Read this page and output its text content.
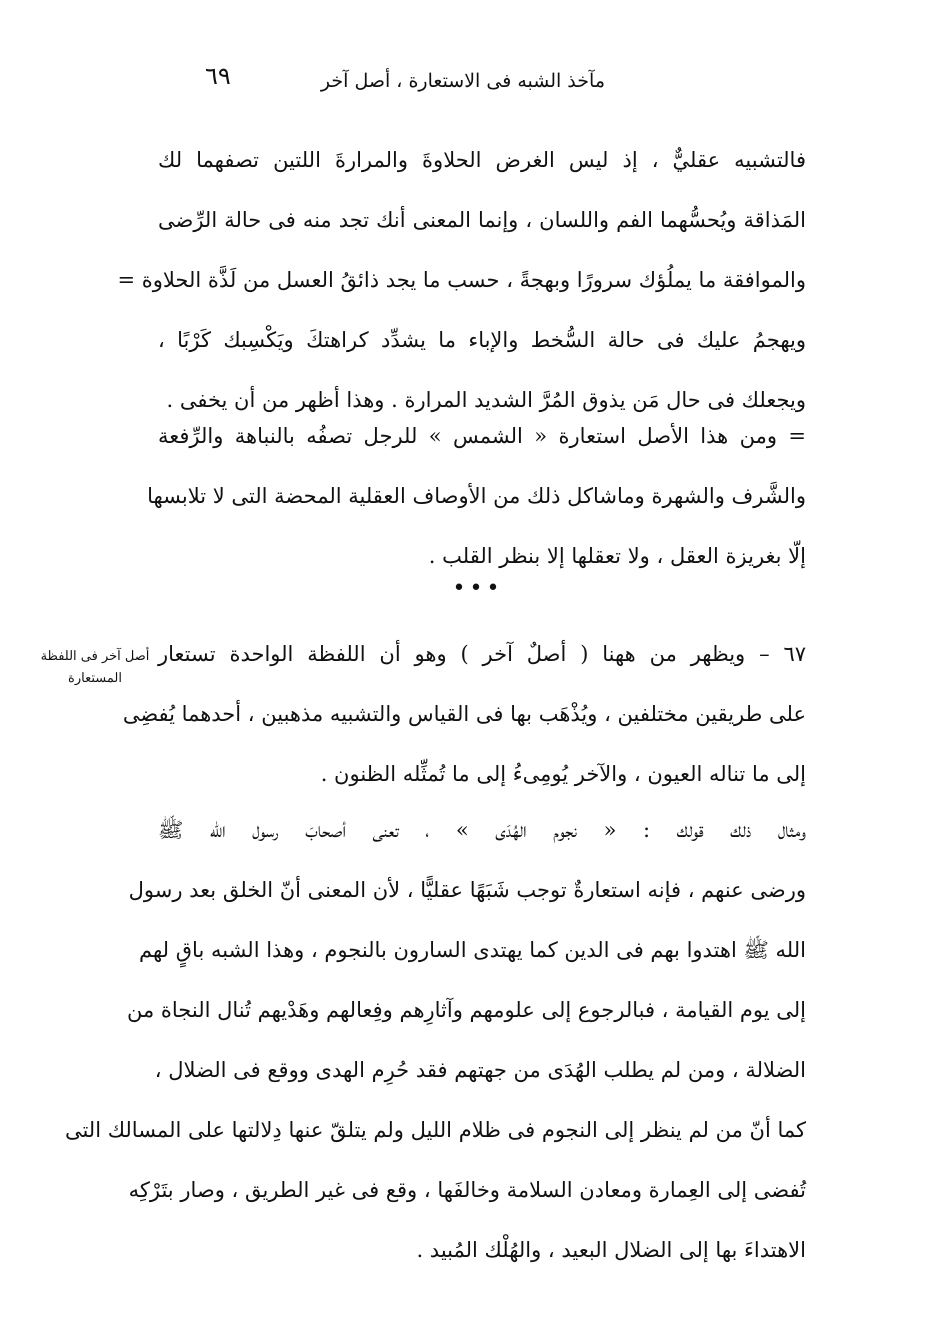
مآخذ الشبه فى الاستعارة ، أصل آخر
٦٩
فالتشبيه عقليٌّ ، إذ ليس الغرض الحلاوةَ والمرارةَ اللتين تصفهما لك
المَذاقة ويُحسُّهما الفم واللسان ، وإنما المعنى أنك تجد منه فى حالة الرِّضى
والموافقة ما يملُؤك سرورًا وبهجةً ، حسب ما يجد ذائقُ العسل من لَذَّة الحلاوة =
ويهجمُ عليك فى حالة السُّخط والإباء ما يشدِّد كراهتكَ ويَكْسِبك كَرْبًا ،
ويجعلك فى حال مَن يذوق المُرَّ الشديد المرارة . وهذا أظهر من أن يخفى .
= ومن هذا الأصل استعارة « الشمس » للرجل تصفُه بالنباهة والرِّفعة
والشَّرف والشهرة وماشاكل ذلك من الأوصاف العقلية المحضة التى لا تلابسها
إلّا بغريزة العقل ، ولا تعقلها إلا بنظر القلب .
•••
أصل آخر فى اللفظة
المستعارة
٦٧ – ويظهر من ههنا ( أصلٌ آخر ) وهو أن اللفظة الواحدة تستعار
على طريقين مختلفين ، ويُذْهَب بها فى القياس والتشبيه مذهبين ، أحدهما يُفضِى
إلى ما تناله العيون ، والآخر يُومِىءُ إلى ما تُمثِّله الظنون .
ومثال ذلك قولك : « نجوم الهُدَى » ، تعنى أصحابَ رسول الله ﷺ
ورضى عنهم ، فإنه استعارةٌ توجب شَبَهًا عقليًّا ، لأن المعنى أنّ الخلق بعد رسول
الله ﷺ اهتدوا بهم فى الدين كما يهتدى السارون بالنجوم ، وهذا الشبه باقٍ لهم
إلى يوم القيامة ، فبالرجوع إلى علومهم وآثارِهم وفِعالهم وهَدْيهم تُنال النجاة من
الضلالة ، ومن لم يطلب الهُدَى من جهتهم فقد حُرِم الهدى ووقع فى الضلال ،
كما أنّ من لم ينظر إلى النجوم فى ظلام الليل ولم يتلقّ عنها دِلالتها على المسالك التى
تُفضى إلى العِمارة ومعادن السلامة وخالفَها ، وقع فى غير الطريق ، وصار بتَرْكِه
الاهتداءَ بها إلى الضلال البعيد ، والهُلْك المُبيد .
